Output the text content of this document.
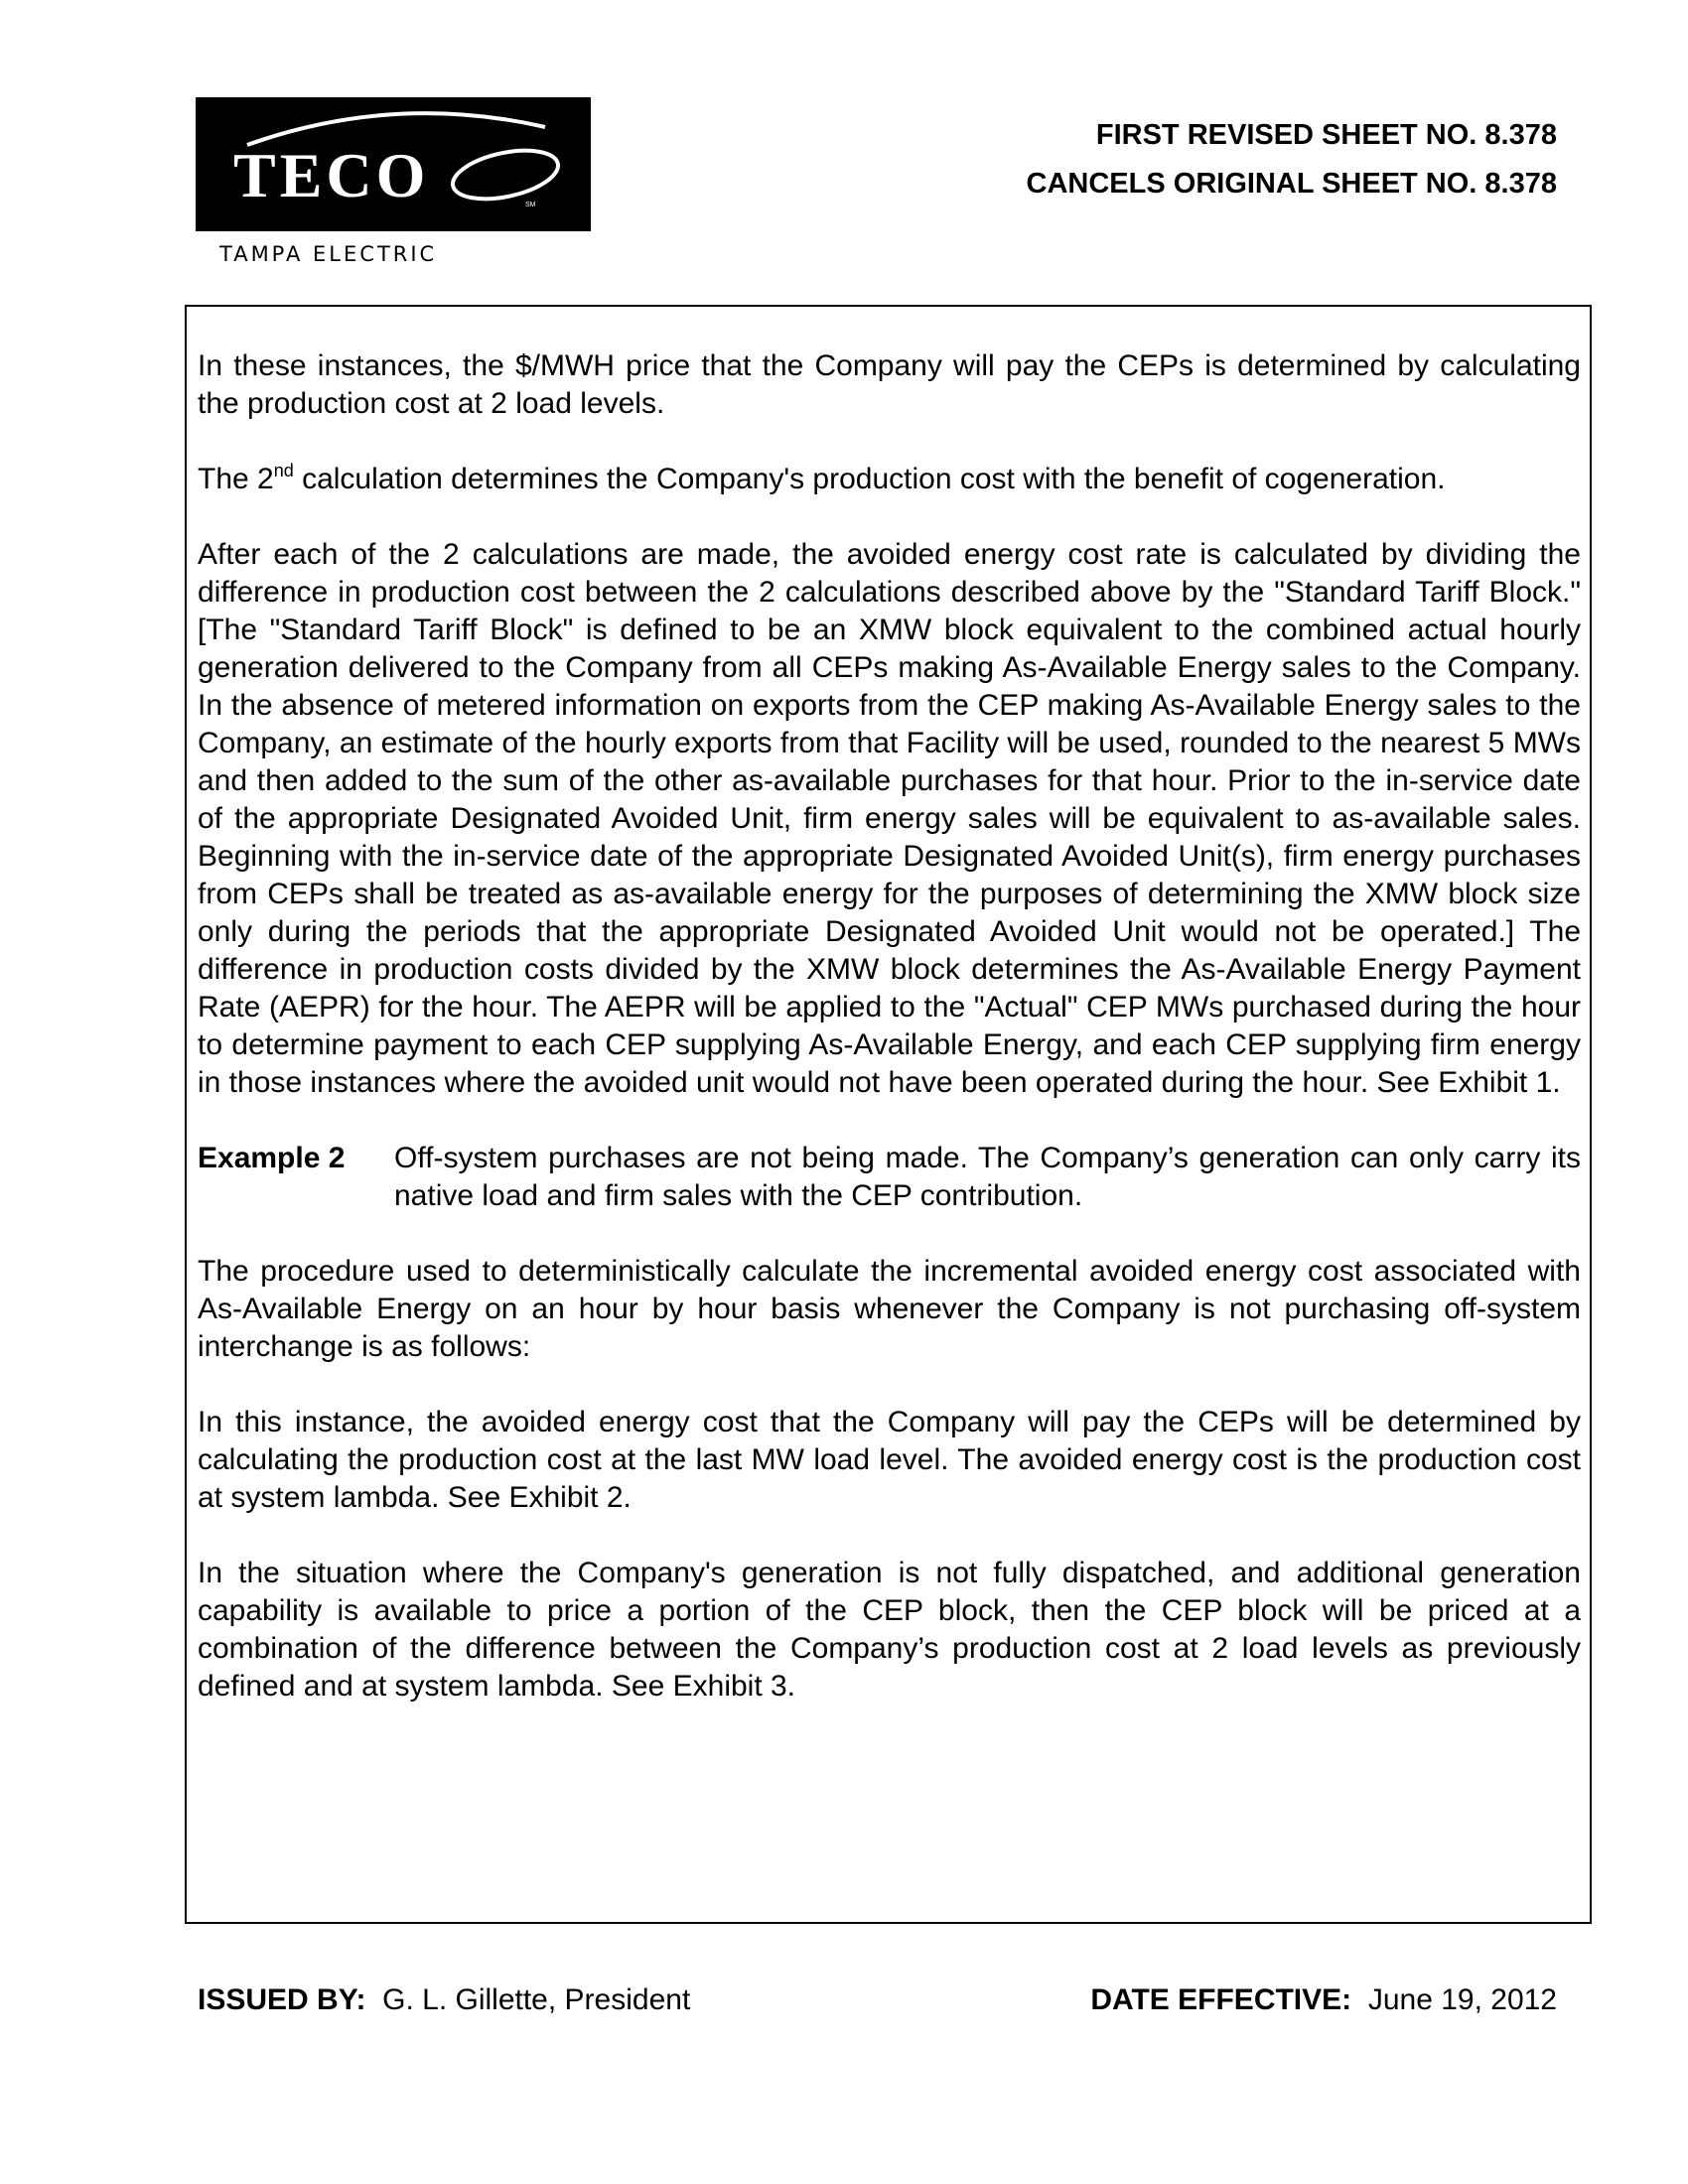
TECO	SM
TAMPA ELECTRIC
FIRST REVISED SHEET NO. 8.378
CANCELS ORIGINAL SHEET NO. 8.378

In these instances, the $/MWH price that the Company will pay the CEPs is determined by calculating the production cost at 2 load levels.

The 2nd calculation determines the Company's production cost with the benefit of cogeneration.

After each of the 2 calculations are made, the avoided energy cost rate is calculated by dividing the difference in production cost between the 2 calculations described above by the "Standard Tariff Block." [The "Standard Tariff Block" is defined to be an XMW block equivalent to the combined actual hourly generation delivered to the Company from all CEPs making As-Available Energy sales to the Company. In the absence of metered information on exports from the CEP making As-Available Energy sales to the Company, an estimate of the hourly exports from that Facility will be used, rounded to the nearest 5 MWs and then added to the sum of the other as-available purchases for that hour. Prior to the in-service date of the appropriate Designated Avoided Unit, firm energy sales will be equivalent to as-available sales. Beginning with the in-service date of the appropriate Designated Avoided Unit(s), firm energy purchases from CEPs shall be treated as as-available energy for the purposes of determining the XMW block size only during the periods that the appropriate Designated Avoided Unit would not be operated.] The difference in production costs divided by the XMW block determines the As-Available Energy Payment Rate (AEPR) for the hour. The AEPR will be applied to the "Actual" CEP MWs purchased during the hour to determine payment to each CEP supplying As-Available Energy, and each CEP supplying firm energy in those instances where the avoided unit would not have been operated during the hour. See Exhibit 1.

Example 2	Off-system purchases are not being made. The Company’s generation can only carry its native load and firm sales with the CEP contribution.

The procedure used to deterministically calculate the incremental avoided energy cost associated with As-Available Energy on an hour by hour basis whenever the Company is not purchasing off-system interchange is as follows:

In this instance, the avoided energy cost that the Company will pay the CEPs will be determined by calculating the production cost at the last MW load level. The avoided energy cost is the production cost at system lambda. See Exhibit 2.

In the situation where the Company's generation is not fully dispatched, and additional generation capability is available to price a portion of the CEP block, then the CEP block will be priced at a combination of the difference between the Company’s production cost at 2 load levels as previously defined and at system lambda. See Exhibit 3.

ISSUED BY: G. L. Gillette, President	DATE EFFECTIVE: June 19, 2012
